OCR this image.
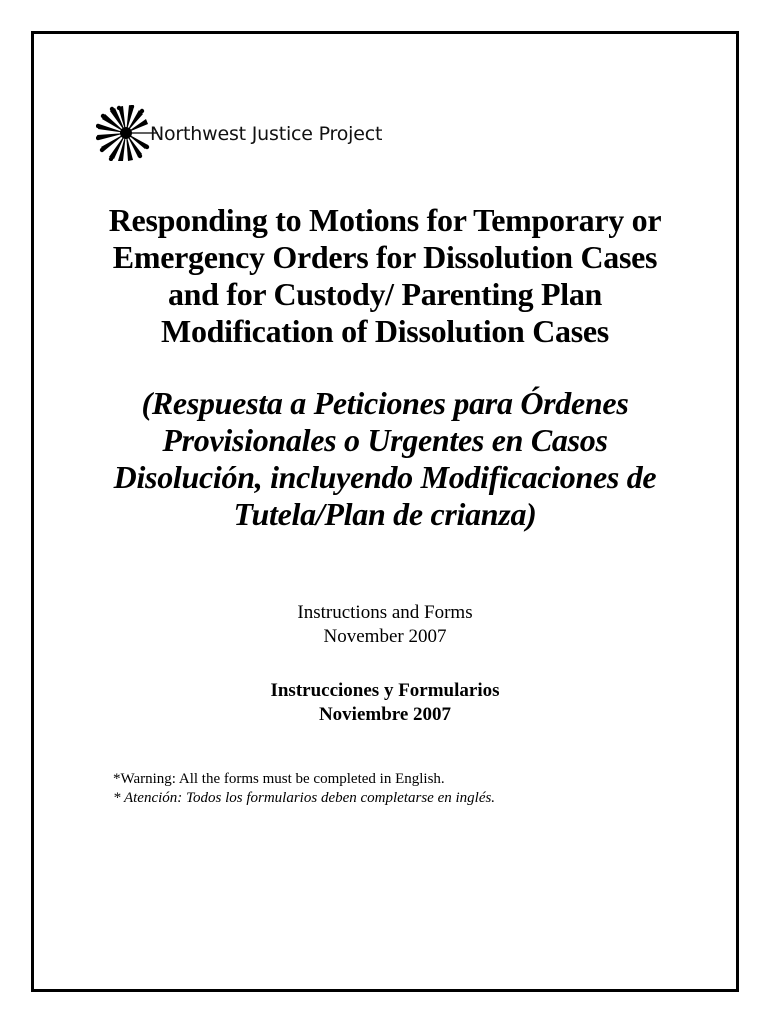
Northwest Justice Project
Responding to Motions for Temporary or
Emergency Orders for Dissolution Cases
and for Custody/ Parenting Plan
Modification of Dissolution Cases
(Respuesta a Peticiones para Órdenes
Provisionales o Urgentes en Casos
Disolución, incluyendo Modificaciones de
Tutela/Plan de crianza)
Instructions and Forms
November 2007
Instrucciones y Formularios
Noviembre 2007
*Warning: All the forms must be completed in English.
* Atención: Todos los formularios deben completarse en inglés.
